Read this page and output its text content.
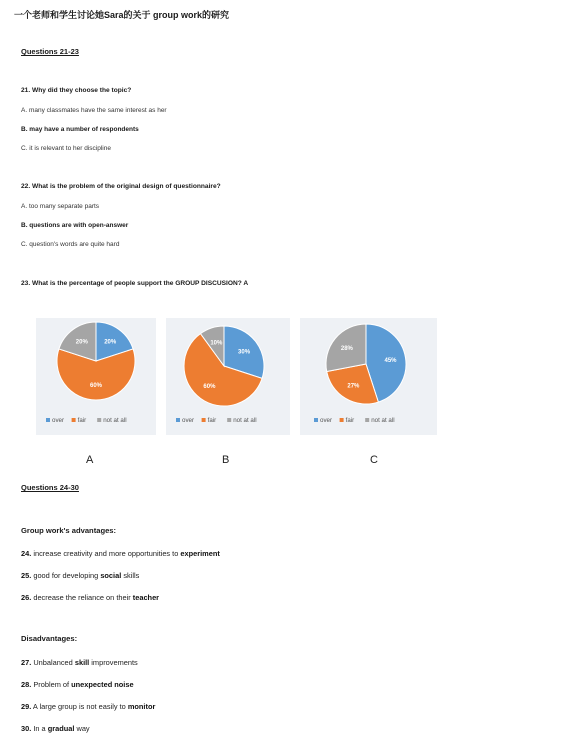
一个老师和学生讨论她Sara的关于 group work的研究
Questions 21-23
21. Why did they choose the topic?
A. many classmates have the same interest as her
B. may have a number of respondents
C. it is relevant to her discipline
22. What is the problem of the original design of questionnaire?
A. too many separate parts
B. questions are with open-answer
C. question's words are quite hard
23. What is the percentage of people support the GROUP DISCUSION? A
20%
60%
20%
over fair	not at all
30%
60%
10%
over fair	not at all
45%
27%
28%
over fair	not at all
A	B	C
Questions 24-30
Group work's advantages:
24. increase creativity and more opportunities to experiment
25. good for developing social skills
26. decrease the reliance on their teacher
Disadvantages:
27. Unbalanced skill improvements
28. Problem of unexpected noise
29. A large group is not easily to monitor
30. In a gradual way
